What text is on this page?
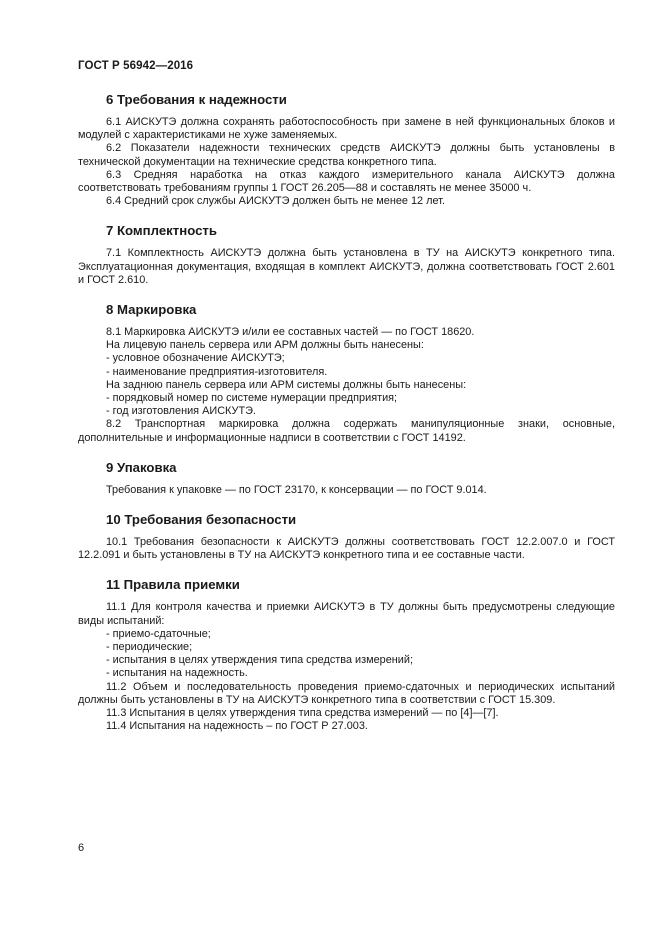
ГОСТ Р 56942—2016
6 Требования к надежности

6.1 АИСКУТЭ должна сохранять работоспособность при замене в ней функциональных блоков и модулей с характеристиками не хуже заменяемых.

6.2 Показатели надежности технических средств АИСКУТЭ должны быть установлены в техничеcкой документации на технические средства конкретного типа.

6.3 Средняя наработка на отказ каждого измерительного канала АИСКУТЭ должна соответствовать требованиям группы 1 ГОСТ 26.205—88 и составлять не менее 35000 ч.

6.4 Средний срок службы АИСКУТЭ должен быть не менее 12 лет.

7 Комплектность

7.1 Комплектность АИСКУТЭ должна быть установлена в ТУ на АИСКУТЭ конкретного типа. Эксплуатационная документация, входящая в комплект АИСКУТЭ, должна соответствовать ГОСТ 2.601 и ГОСТ 2.610.

8 Маркировка

8.1 Маркировка АИСКУТЭ и/или ее составных частей — по ГОСТ 18620.

На лицевую панель сервера или АРМ должны быть нанесены:

- условное обозначение АИСКУТЭ;

- наименование предприятия-изготовителя.

На заднюю панель сервера или АРМ системы должны быть нанесены:

- порядковый номер по системе нумерации предприятия;

- год изготовления АИСКУТЭ.

8.2 Транспортная маркировка должна содержать манипуляционные знаки, основные, дополнительные и информационные надписи в соответствии с ГОСТ 14192.

9 Упаковка

Требования к упаковке — по ГОСТ 23170, к консервации — по ГОСТ 9.014.

10 Требования безопасности

10.1 Требования безопасности к АИСКУТЭ должны соответствовать ГОСТ 12.2.007.0 и ГОСТ 12.2.091 и быть установлены в ТУ на АИСКУТЭ конкретного типа и ее составные части.

11 Правила приемки

11.1 Для контроля качества и приемки АИСКУТЭ в ТУ должны быть предусмотрены следующие виды испытаний:

- приемо-сдаточные;

- периодические;

- испытания в целях утверждения типа средства измерений;

- испытания на надежность.

11.2 Объем и последовательность проведения приемо-сдаточных и периодических испытаний должны быть установлены в ТУ на АИСКУТЭ конкретного типа в соответствии с ГОСТ 15.309.

11.3 Испытания в целях утверждения типа средства измерений — по [4]—[7].

11.4 Испытания на надежность – по ГОСТ Р 27.003.

6
